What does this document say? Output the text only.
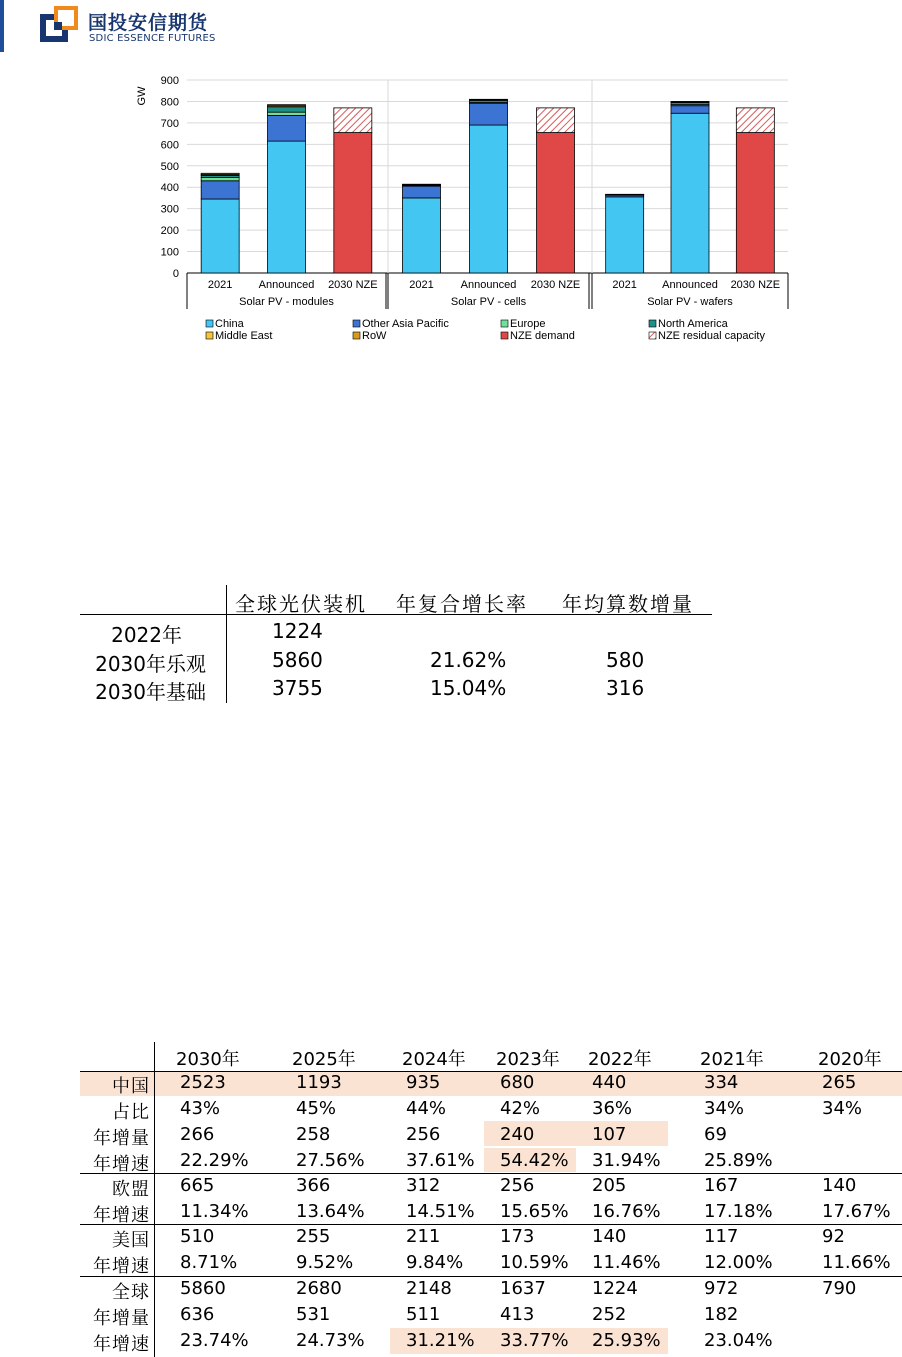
国投安信期货
SDIC ESSENCE FUTURES
0
100
200
300
400
500
600
700
800
900
GW
2021 Announced 2030 NZE
Solar PV - modules
2021 Announced 2030 NZE
Solar PV - cells
2021 Announced 2030 NZE
Solar PV - wafers
China	Other Asia Pacific	Europe	North America
Middle East	RoW	NZE demand	NZE residual capacity
全球光伏装机 年复合增长率 年均算数增量
2022年	1224
2030年乐观	5860	21.62%	580
2030年基础	3755	15.04%	316
2030年	2025年	2024年 2023年 2022年	2021年	2020年
中国 2523	1193	935	680	440	334	265
占比 43%	45%	44%	42%	36%	34%	34%
年增量 266	258	256	240	107	69
年增速 22.29%	27.56% 37.61% 54.42% 31.94% 25.89%
欧盟 665	366	312	256	205	167	140
年增速 11.34%	13.64% 14.51% 15.65% 16.76% 17.18%	17.67%
美国 510	255	211	173	140	117	92
年增速 8.71%	9.52%	9.84% 10.59% 11.46% 12.00%	11.66%
全球 5860	2680	2148	1637	1224	972	790
年增量 636	531	511	413	252	182
年增速 23.74%	24.73% 31.21% 33.77% 25.93% 23.04%
